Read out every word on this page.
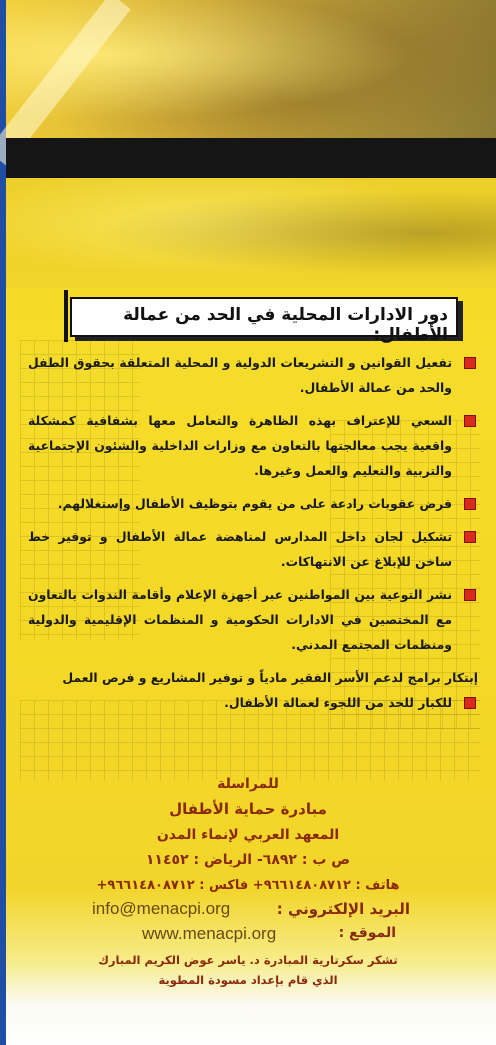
دور الادارات المحلية في الحد من عمالة الأطفال:
تفعيل القوانين و التشريعات الدولية و المحلية المتعلقة بحقوق الطفل والحد من عمالة الأطفال.
السعي للإعتراف بهذه الظاهرة والتعامل معها بشفافية كمشكلة واقعية يجب معالجتها بالتعاون مع وزارات الداخلية والشئون الإجتماعية والتربية والتعليم والعمل وغيرها.
فرض عقوبات رادعة على من يقوم بتوظيف الأطفال وإستغلالهم.
تشكيل لجان داخل المدارس لمناهضة عمالة الأطفال و توفير خط ساخن للإبلاغ عن الانتهاكات.
نشر التوعية بين المواطنين عبر أجهزة الإعلام وأقامة الندوات بالتعاون مع المختصين في الادارات الحكومية و المنظمات الإقليمية والدولية ومنظمات المجتمع المدني.
إبتكار برامج لدعم الأسر الفقير مادياً و توفير المشاريع و فرص العمل
للكبار للحد من اللجوء لعمالة الأطفال.
للمراسلة
مبادرة حماية الأطفال
المعهد العربي لإنماء المدن
ص ب : ٦٨٩٢- الرياض : ١١٤٥٢
هاتف : ٩٦٦١٤٨٠٨٧١٢+ فاكس : ٩٦٦١٤٨٠٨٧١٢+
البريد الإلكتروني :
info@menacpi.org
الموقع :
www.menacpi.org
تشكر سكرتارية المبادرة د. ياسر عوض الكريم المبارك
الذي قام بإعداد مسودة المطوية
